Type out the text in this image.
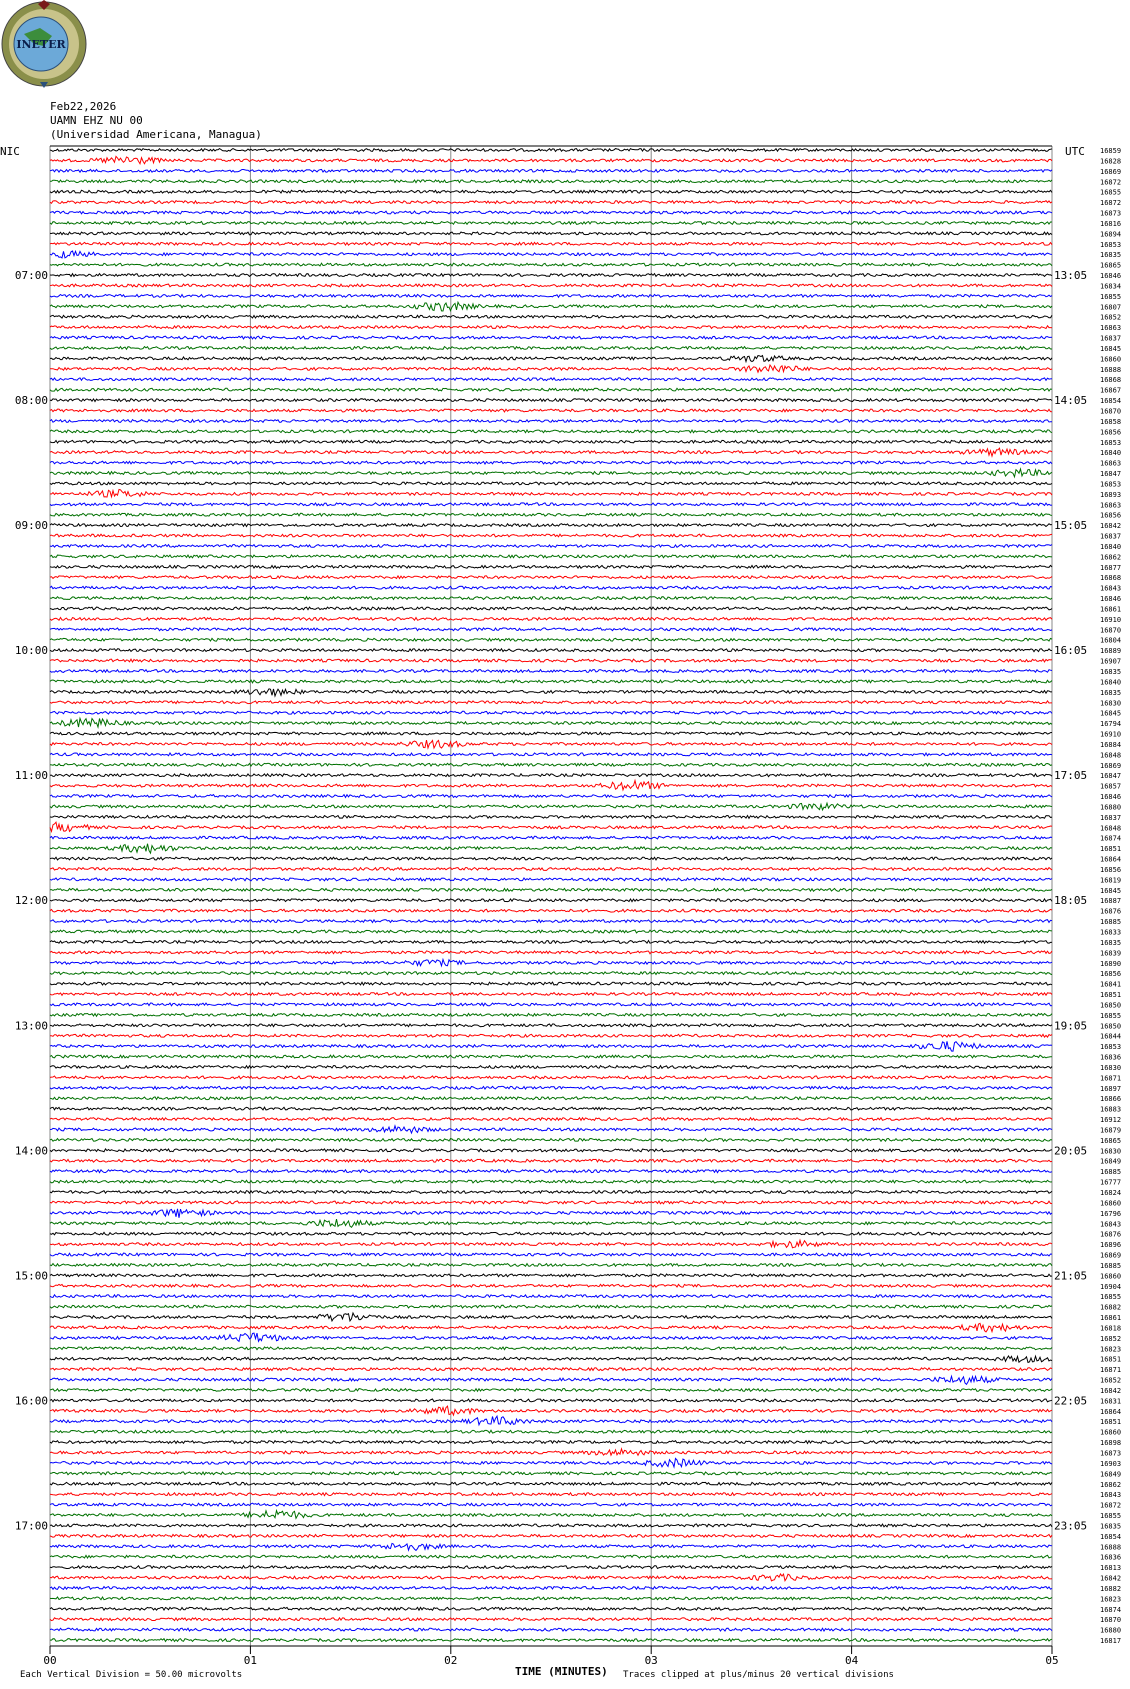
INETER
Feb22,2026
UAMN EHZ NU 00
(Universidad Americana, Managua)
00	01	02	03	04	05
16859
16828
16869
16872
16855
16872
16873
16816
16894
16853
16835
16865
16846
16834
16855
16807
16852
16863
16837
16845
16860
16888
16868
16867
16854
16870
16858
16856
16853
16840
16863
16847
16853
16893
16863
16856
16842
16837
16840
16862
16877
16868
16843
16846
16861
16910
16870
16804
16889
16907
16835
16840
16835
16830
16845
16794
16910
16884
16848
16869
16847
16857
16846
16880
16837
16848
16874
16851
16864
16856
16819
16845
16887
16876
16885
16833
16835
16839
16890
16856
16841
16851
16850
16855
16850
16844
16853
16836
16830
16871
16897
16866
16883
16912
16879
16865
16830
16849
16885
16777
16824
16860
16796
16843
16876
16896
16869
16885
16860
16904
16855
16882
16861
16818
16852
16823
16851
16871
16852
16842
16831
16864
16851
16860
16898
16873
16903
16849
16862
16843
16872
16855
16835
16854
16888
16836
16813
16842
16882
16823
16874
16870
16880
16817
NIC	UTC
07:00	13:05
08:00	14:05
09:00	15:05
10:00	16:05
11:00	17:05
12:00	18:05
13:00	19:05
14:00	20:05
15:00	21:05
16:00	22:05
17:00	23:05
TIME (MINUTES)
Each Vertical Division = 50.00 microvolts	Traces clipped at plus/minus 20 vertical divisions
